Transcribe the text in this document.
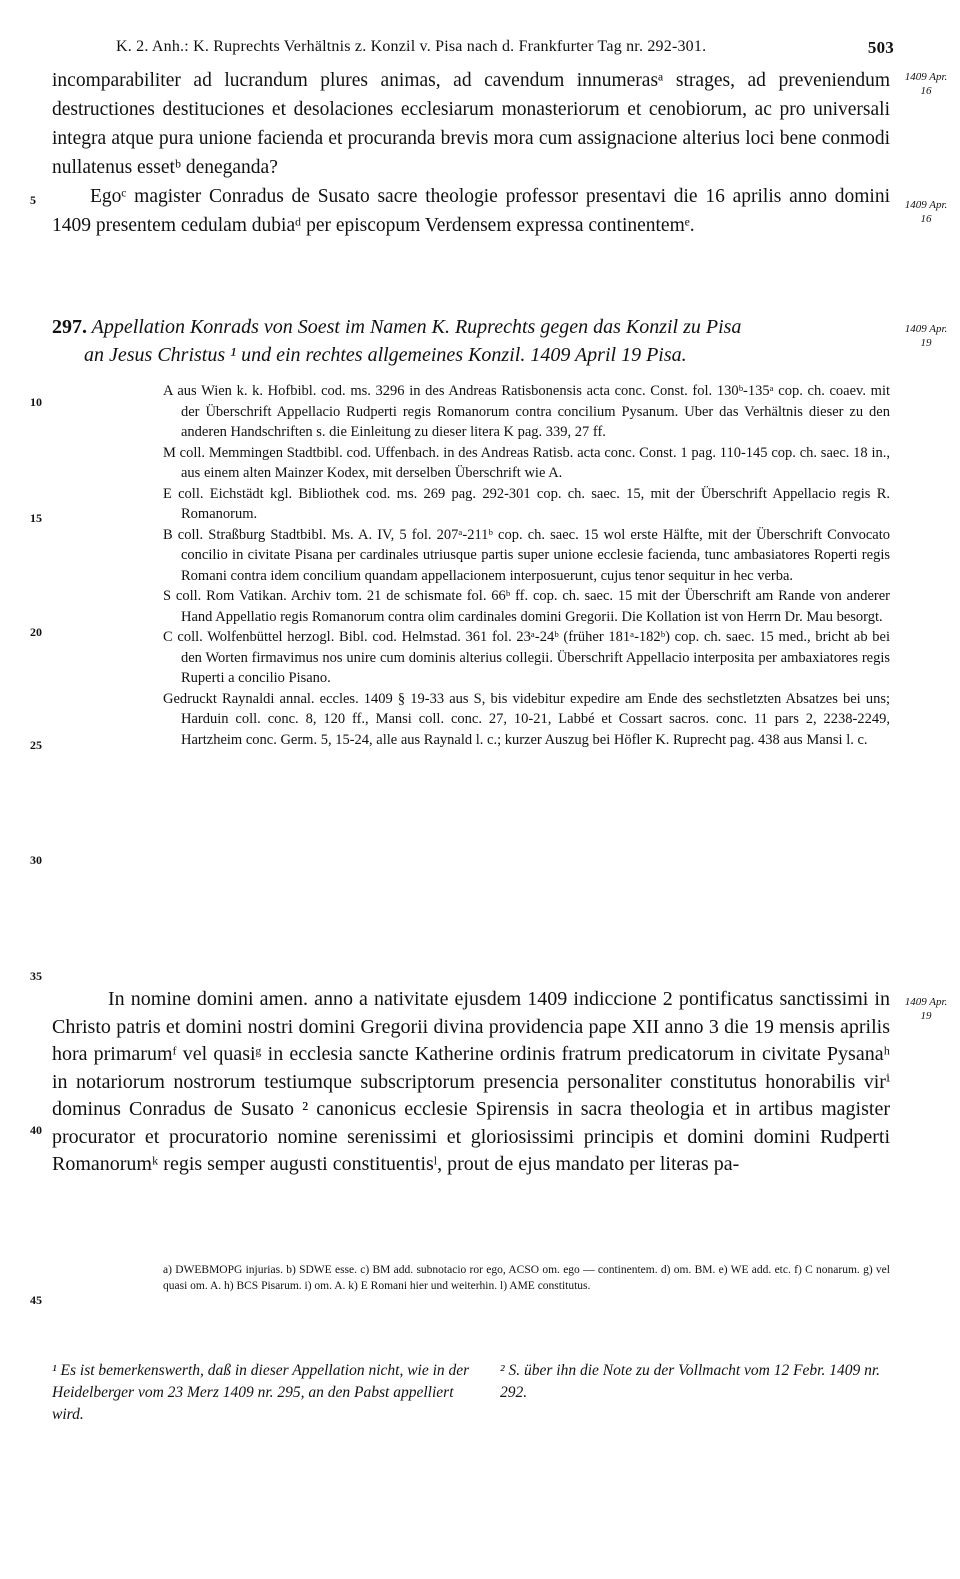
K. 2. Anh.: K. Ruprechts Verhältnis z. Konzil v. Pisa nach d. Frankfurter Tag nr. 292-301.	503
1409 Apr. 16
1409 Apr. 16
1409 Apr. 19
1409 Apr. 19
5
10
15
20
25
30
35
40
45

incomparabiliter ad lucrandum plures animas, ad cavendum innumerasᵃ strages, ad preveniendum destructiones destituciones et desolaciones ecclesiarum monasteriorum et cenobiorum, ac pro universali integra atque pura unione facienda et procuranda brevis mora cum assignacione alterius loci bene conmodi nullatenus essetᵇ deneganda?

Egoᶜ magister Conradus de Susato sacre theologie professor presentavi die 16 aprilis anno domini 1409 presentem cedulam dubiaᵈ per episcopum Verdensem expressa continentemᵉ.

297. Appellation Konrads von Soest im Namen K. Ruprechts gegen das Konzil zu Pisa
an Jesus Christus ¹ und ein rechtes allgemeines Konzil. 1409 April 19 Pisa.

A aus Wien k. k. Hofbibl. cod. ms. 3296 in des Andreas Ratisbonensis acta conc. Const. fol. 130ᵇ-135ᵃ cop. ch. coaev. mit der Überschrift Appellacio Rudperti regis Romanorum contra concilium Pysanum. Uber das Verhältnis dieser zu den anderen Handschriften s. die Einleitung zu dieser litera K pag. 339, 27 ff.

M coll. Memmingen Stadtbibl. cod. Uffenbach. in des Andreas Ratisb. acta conc. Const. 1 pag. 110-145 cop. ch. saec. 18 in., aus einem alten Mainzer Kodex, mit derselben Überschrift wie A.

E coll. Eichstädt kgl. Bibliothek cod. ms. 269 pag. 292-301 cop. ch. saec. 15, mit der Überschrift Appellacio regis R. Romanorum.

B coll. Straßburg Stadtbibl. Ms. A. IV, 5 fol. 207ᵃ-211ᵇ cop. ch. saec. 15 wol erste Hälfte, mit der Überschrift Convocato concilio in civitate Pisana per cardinales utriusque partis super unione ecclesie facienda, tunc ambasiatores Roperti regis Romani contra idem concilium quandam appellacionem interposuerunt, cujus tenor sequitur in hec verba.

S coll. Rom Vatikan. Archiv tom. 21 de schismate fol. 66ᵇ ff. cop. ch. saec. 15 mit der Überschrift am Rande von anderer Hand Appellatio regis Romanorum contra olim cardinales domini Gregorii. Die Kollation ist von Herrn Dr. Mau besorgt.

C coll. Wolfenbüttel herzogl. Bibl. cod. Helmstad. 361 fol. 23ᵃ-24ᵇ (früher 181ᵃ-182ᵇ) cop. ch. saec. 15 med., bricht ab bei den Worten firmavimus nos unire cum dominis alterius collegii. Überschrift Appellacio interposita per ambaxiatores regis Ruperti a concilio Pisano.

Gedruckt Raynaldi annal. eccles. 1409 § 19-33 aus S, bis videbitur expedire am Ende des sechstletzten Absatzes bei uns; Harduin coll. conc. 8, 120 ff., Mansi coll. conc. 27, 10-21, Labbé et Cossart sacros. conc. 11 pars 2, 2238-2249, Hartzheim conc. Germ. 5, 15-24, alle aus Raynald l. c.; kurzer Auszug bei Höfler K. Ruprecht pag. 438 aus Mansi l. c.

In nomine domini amen. anno a nativitate ejusdem 1409 indiccione 2 pontificatus sanctissimi in Christo patris et domini nostri domini Gregorii divina providencia pape XII anno 3 die 19 mensis aprilis hora primarumᶠ vel quasiᵍ in ecclesia sancte Katherine ordinis fratrum predicatorum in civitate Pysanaʰ in notariorum nostrorum testiumque subscriptorum presencia personaliter constitutus honorabilis virⁱ dominus Conradus de Susato ² canonicus ecclesie Spirensis in sacra theologia et in artibus magister procurator et procuratorio nomine serenissimi et gloriosissimi principis et domini domini Rudperti Romanorumᵏ regis semper augusti constituentisˡ, prout de ejus mandato per literas pa-
a) DWEBMOPG injurias. b) SDWE esse. c) BM add. subnotacio ror ego, ACSO om. ego — continentem. d) om. BM. e) WE add. etc. f) C nonarum. g) vel quasi om. A. h) BCS Pisarum. i) om. A. k) E Romani hier und weiterhin. l) AME constitutus.
¹ Es ist bemerkenswerth, daß in dieser Appellation nicht, wie in der Heidelberger vom 23 Merz 1409 nr. 295, an den Pabst appelliert wird.
² S. über ihn die Note zu der Vollmacht vom 12 Febr. 1409 nr. 292.
